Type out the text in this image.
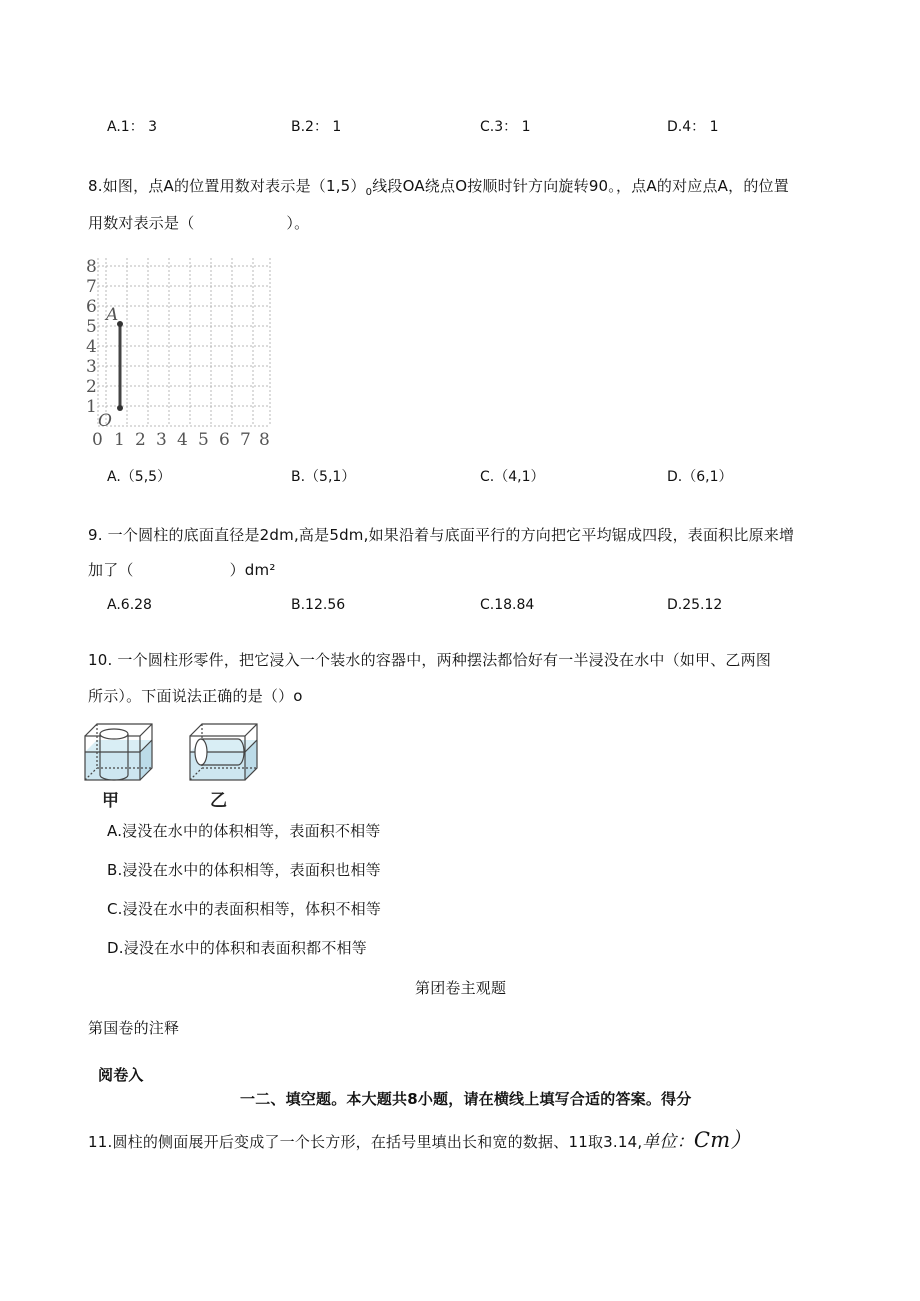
A.1： 3	B.2： 1	C.3： 1	D.4： 1
8.如图，点A的位置用数对表示是$(1,5)_0$线段OA绕点O按顺时针方向旋转90。，点A的对应点A，的位置
用数对表示是（	）。
8
7
6
5
4
3
2
1
0 1 2 3 4 5 6 7 8
A
O
A.（5,5）	B.（5,1）	C.（4,1）	D.（6,1）
9. 一个圆柱的底面直径是2dm,高是5dm,如果沿着与底面平行的方向把它平均锯成四段，表面积比原来增
加了（	）dm²
A.6.28	B.12.56	C.18.84	D.25.12
10. 一个圆柱形零件，把它浸入一个装水的容器中，两种摆法都恰好有一半浸没在水中（如甲、乙两图
所示）。下面说法正确的是（）o
甲	乙
A.浸没在水中的体积相等，表面积不相等
B.浸没在水中的体积相等，表面积也相等
C.浸没在水中的表面积相等，体积不相等
D.浸没在水中的体积和表面积都不相等
第团卷主观题
第国卷的注释
阅卷入
一二、填空题。本大题共8小题，请在横线上填写合适的答案。得分
11.圆柱的侧面展开后变成了一个长方形，在括号里填出长和宽的数据、11取3.14,单位：Cm）
